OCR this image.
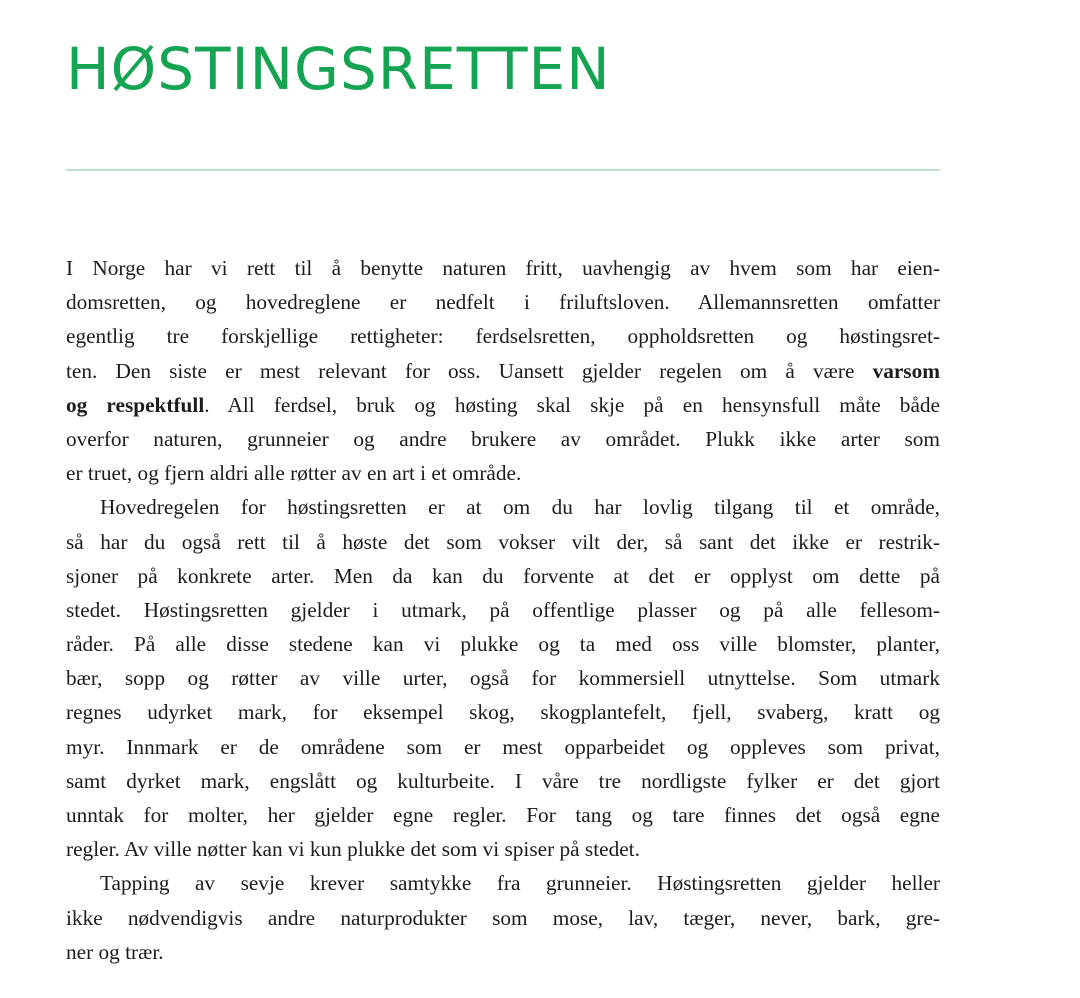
HØSTINGSRETTEN
I Norge har vi rett til å benytte naturen fritt, uavhengig av hvem som har eien-
domsretten, og hovedreglene er nedfelt i friluftsloven. Allemannsretten omfatter
egentlig tre forskjellige rettigheter: ferdselsretten, oppholdsretten og høstingsret-
ten. Den siste er mest relevant for oss. Uansett gjelder regelen om å være varsom
og respektfull. All ferdsel, bruk og høsting skal skje på en hensynsfull måte både
overfor naturen, grunneier og andre brukere av området. Plukk ikke arter som
er truet, og fjern aldri alle røtter av en art i et område.
Hovedregelen for høstingsretten er at om du har lovlig tilgang til et område,
så har du også rett til å høste det som vokser vilt der, så sant det ikke er restrik-
sjoner på konkrete arter. Men da kan du forvente at det er opplyst om dette på
stedet. Høstingsretten gjelder i utmark, på offentlige plasser og på alle fellesom-
råder. På alle disse stedene kan vi plukke og ta med oss ville blomster, planter,
bær, sopp og røtter av ville urter, også for kommersiell utnyttelse. Som utmark
regnes udyrket mark, for eksempel skog, skogplantefelt, fjell, svaberg, kratt og
myr. Innmark er de områdene som er mest opparbeidet og oppleves som privat,
samt dyrket mark, engslått og kulturbeite. I våre tre nordligste fylker er det gjort
unntak for molter, her gjelder egne regler. For tang og tare finnes det også egne
regler. Av ville nøtter kan vi kun plukke det som vi spiser på stedet.
Tapping av sevje krever samtykke fra grunneier. Høstingsretten gjelder heller
ikke nødvendigvis andre naturprodukter som mose, lav, tæger, never, bark, gre-
ner og trær.
